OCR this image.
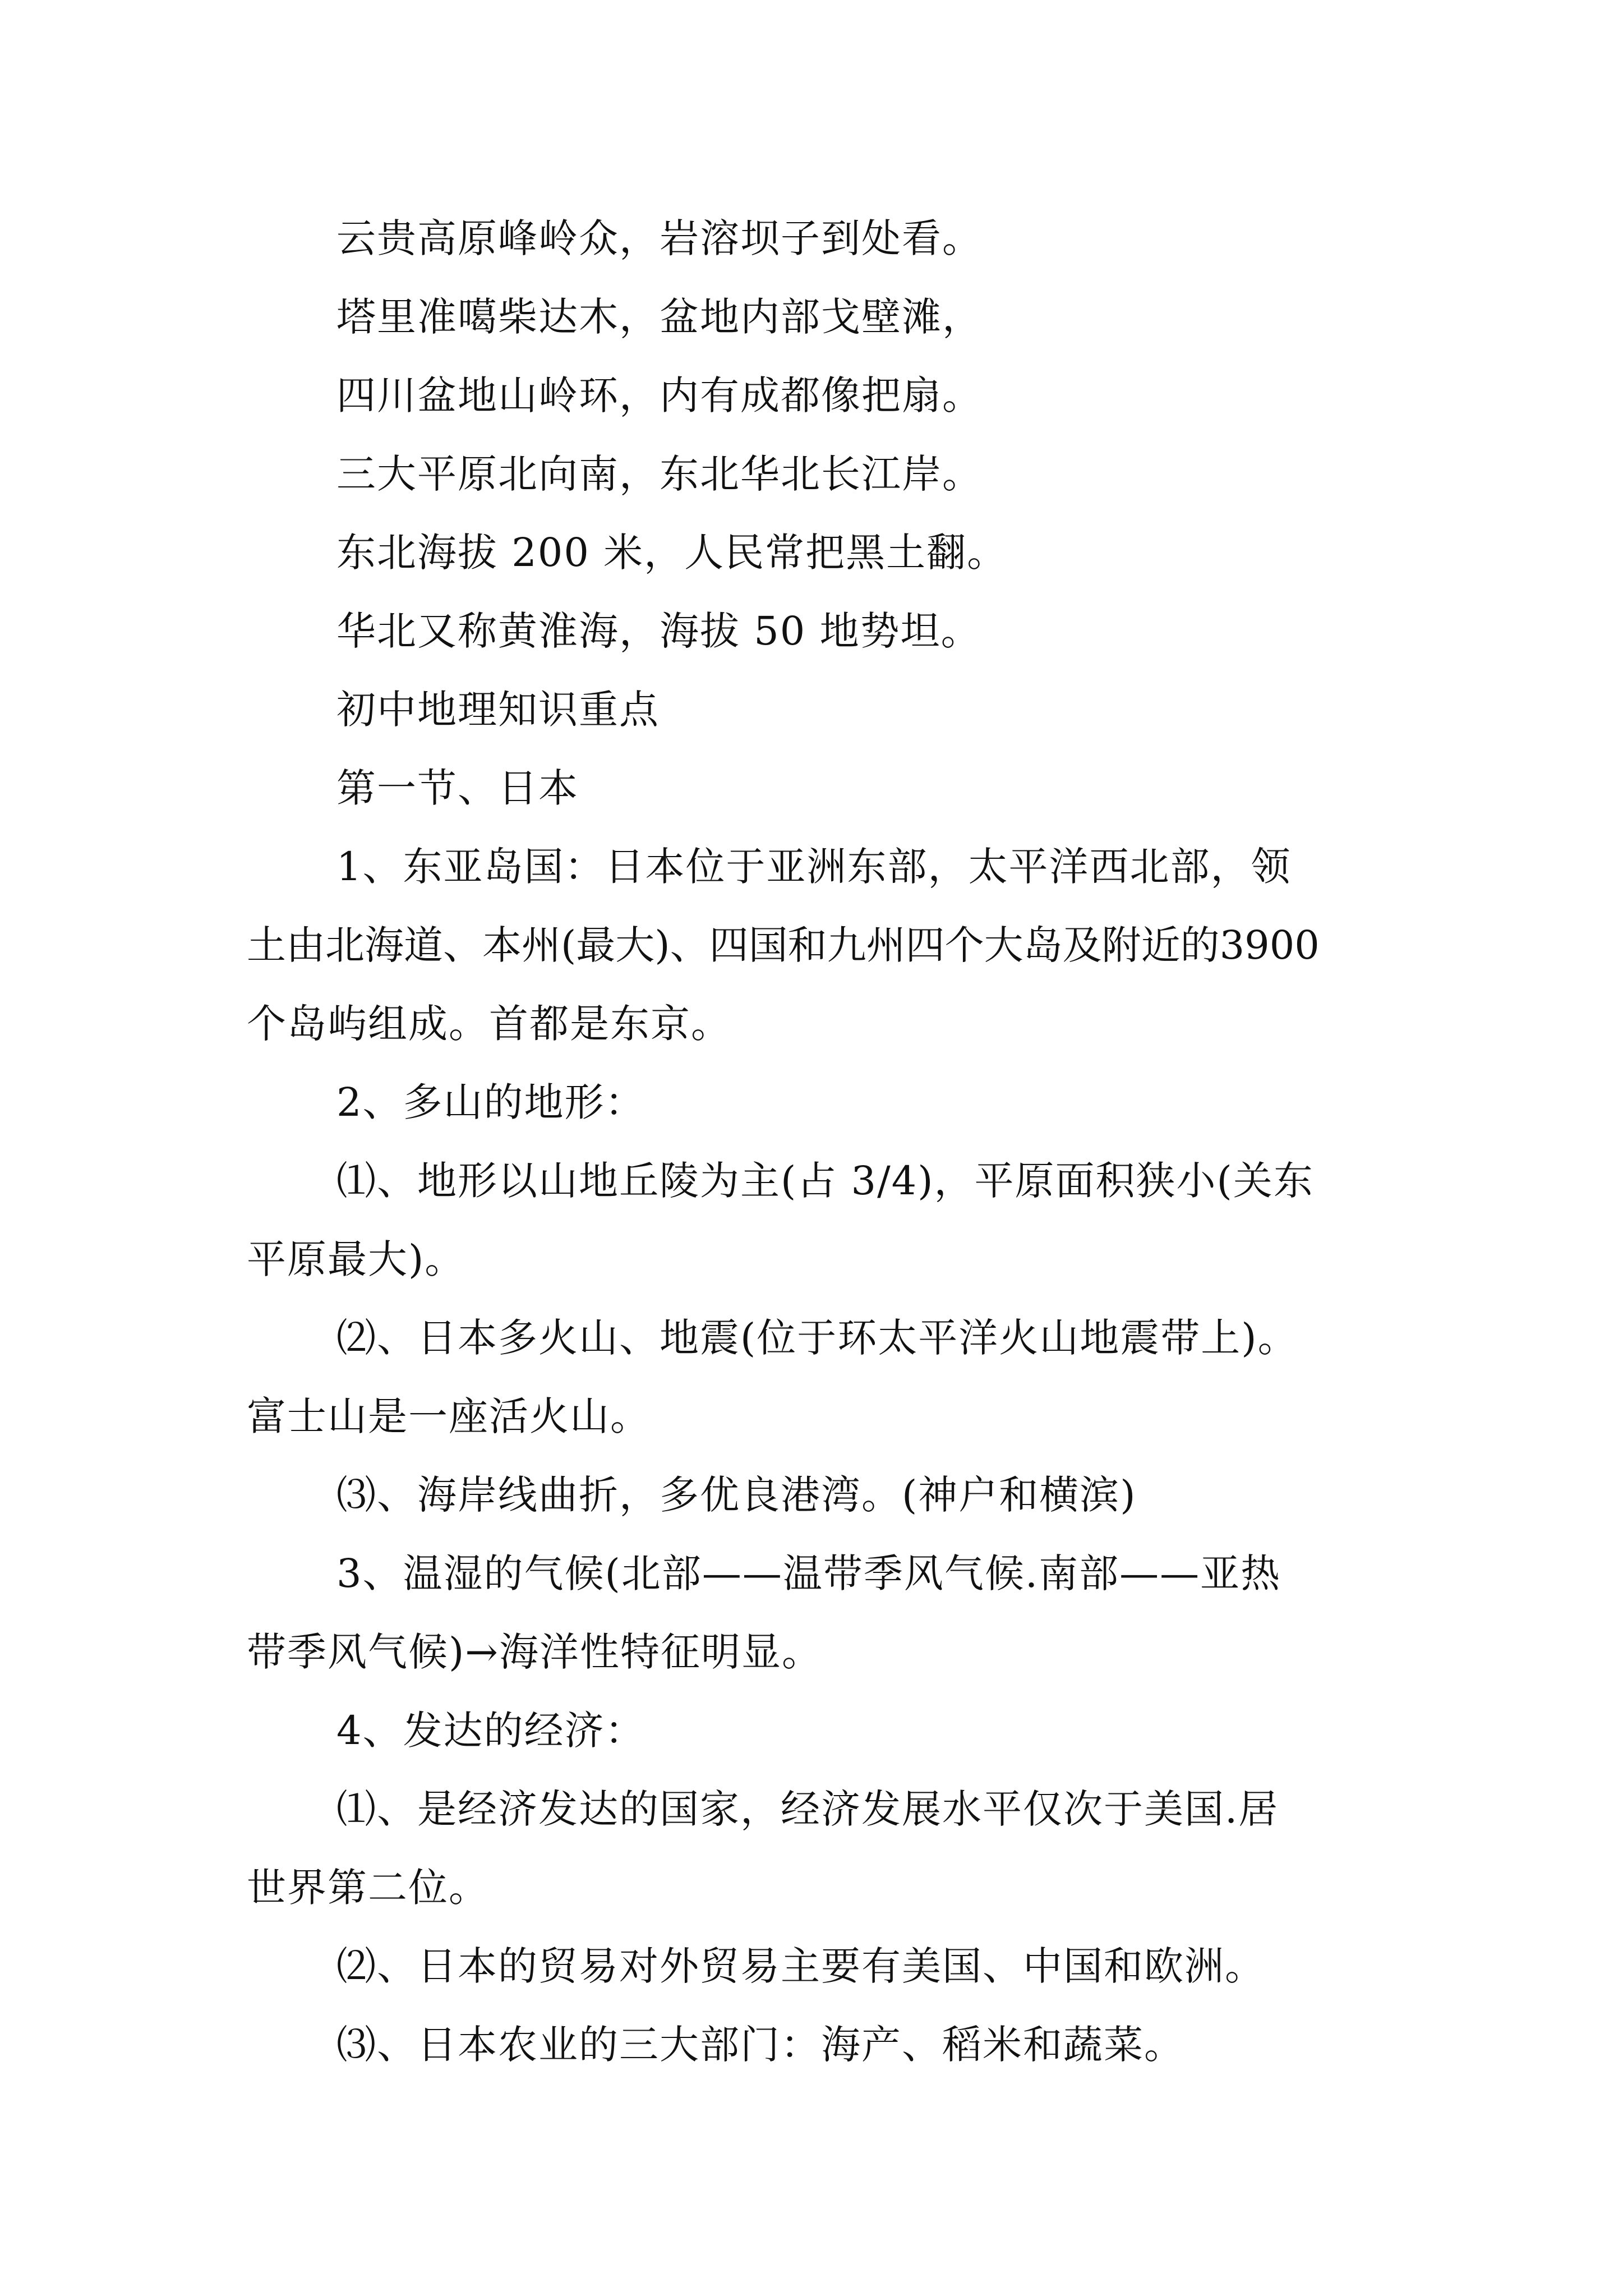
云贵高原峰岭众，岩溶坝子到处看。

塔里准噶柴达木，盆地内部戈壁滩，

四川盆地山岭环，内有成都像把扇。

三大平原北向南，东北华北长江岸。

东北海拔 200 米，人民常把黑土翻。

华北又称黄淮海，海拔 50 地势坦。

初中地理知识重点

第一节、日本

1、东亚岛国：日本位于亚洲东部，太平洋西北部，领

土由北海道、本州(最大)、四国和九州四个大岛及附近的3900

个岛屿组成。首都是东京。

2、多山的地形：

⑴、地形以山地丘陵为主(占 3/4)，平原面积狭小(关东

平原最大)。

⑵、日本多火山、地震(位于环太平洋火山地震带上)。

富士山是一座活火山。

⑶、海岸线曲折，多优良港湾。(神户和横滨)

3、温湿的气候(北部——温带季风气候.南部——亚热

带季风气候)→海洋性特征明显。

4、发达的经济：

⑴、是经济发达的国家，经济发展水平仅次于美国.居

世界第二位。

⑵、日本的贸易对外贸易主要有美国、中国和欧洲。

⑶、日本农业的三大部门：海产、稻米和蔬菜。
